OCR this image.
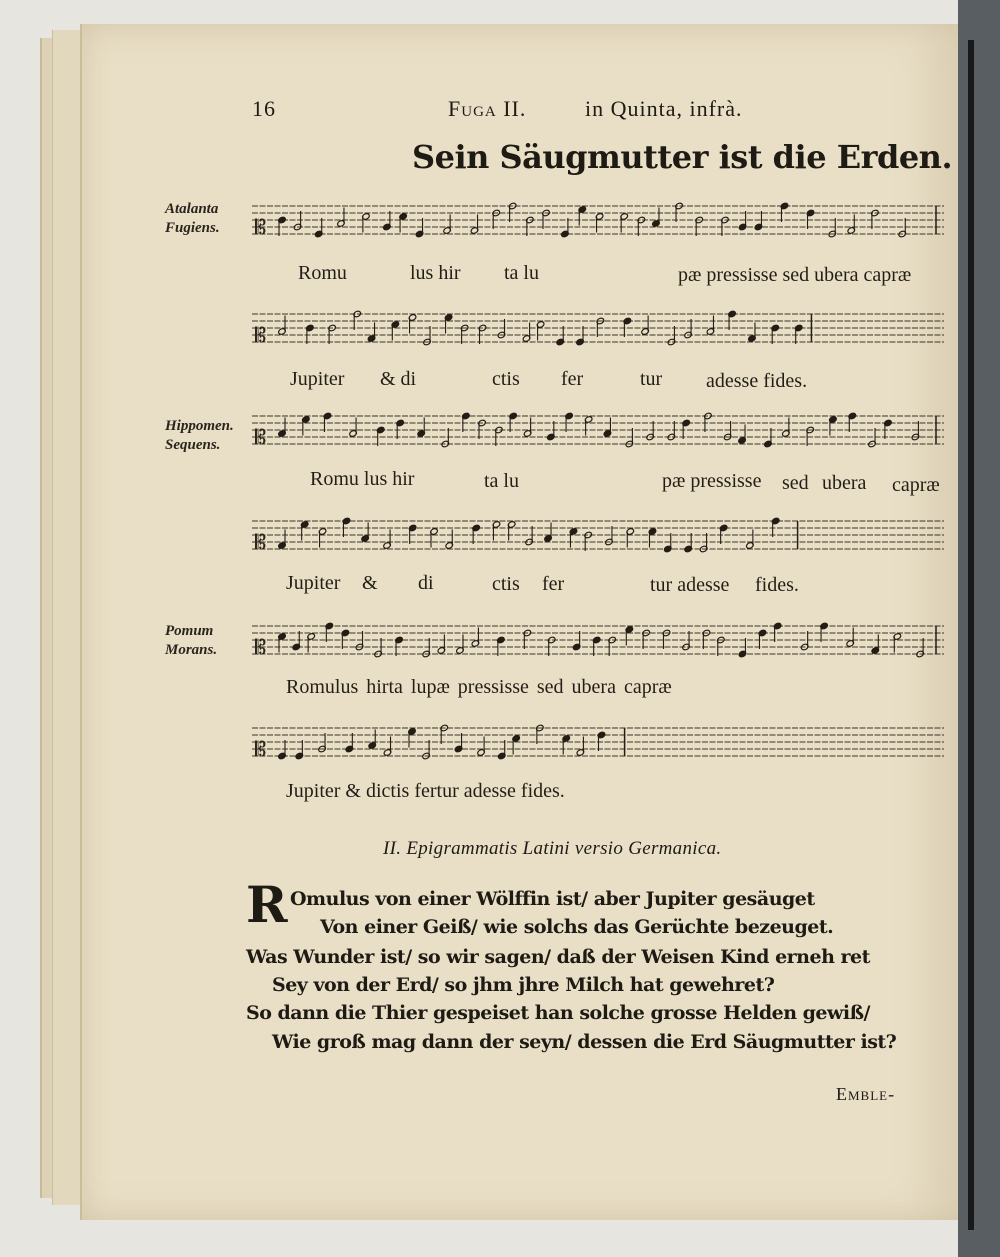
16	Fuga II.	in Quinta, infrà.
Sein Säugmutter ist die Erden.
Atalanta
Fugiens.
Hippomen.
Sequens.
Pomum
Morans.
𝄡
𝄡
𝄡
𝄡
𝄡
𝄡
Romu	lus hir ta lu	pæ pressisse sed ubera capræ
Jupiter & di	ctis fer	tur adesse fides.
Romu lus hir	ta lu	pæ pressisse sed ubera capræ
Jupiter & di	ctis fer	tur adesse fides.
Romulus hirta lupæ pressisse sed ubera capræ
Jupiter & dictis fertur adesse fides.
II. Epigrammatis Latini versio Germanica.
R Omulus von einer Wölffin ist/ aber Jupiter gesäuget
Von einer Geiß/ wie solchs das Gerüchte bezeuget.
Was Wunder ist/ so wir sagen/ daß der Weisen Kind erneh ret
Sey von der Erd/ so jhm jhre Milch hat gewehret?
So dann die Thier gespeiset han solche grosse Helden gewiß/
Wie groß mag dann der seyn/ dessen die Erd Säugmutter ist?
Emble-
